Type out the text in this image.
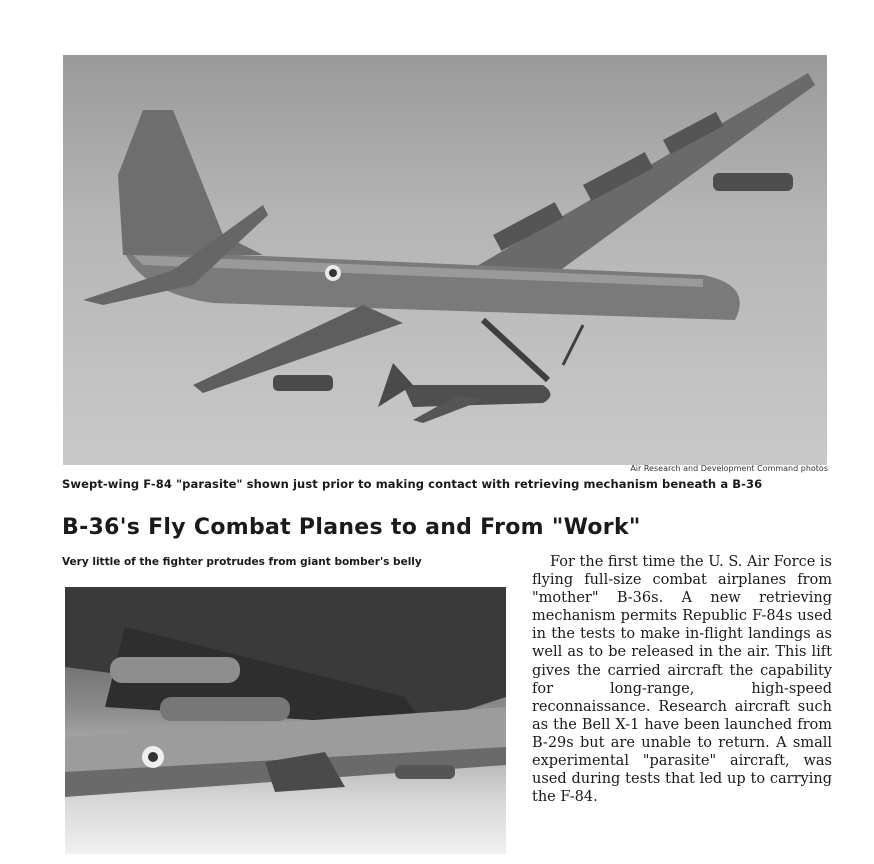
Air Research and Development Command photos
Swept-wing F-84 "parasite" shown just prior to making contact with retrieving mechanism beneath a B-36
B-36's Fly Combat Planes to and From "Work"
Very little of the fighter protrudes from giant bomber's belly	For the first time the U. S. Air Force is flying full-size combat airplanes from "mother" B-36s. A new retrieving mechanism permits Republic F-84s used in the tests to make in-flight landings as well as to be released in the air. This lift gives the carried aircraft the capability for long-range, high-speed reconnaissance. Research aircraft such as the Bell X-1 have been launched from B-29s but are unable to return. A small experimental "parasite" aircraft, was used during tests that led up to carrying the F-84.
